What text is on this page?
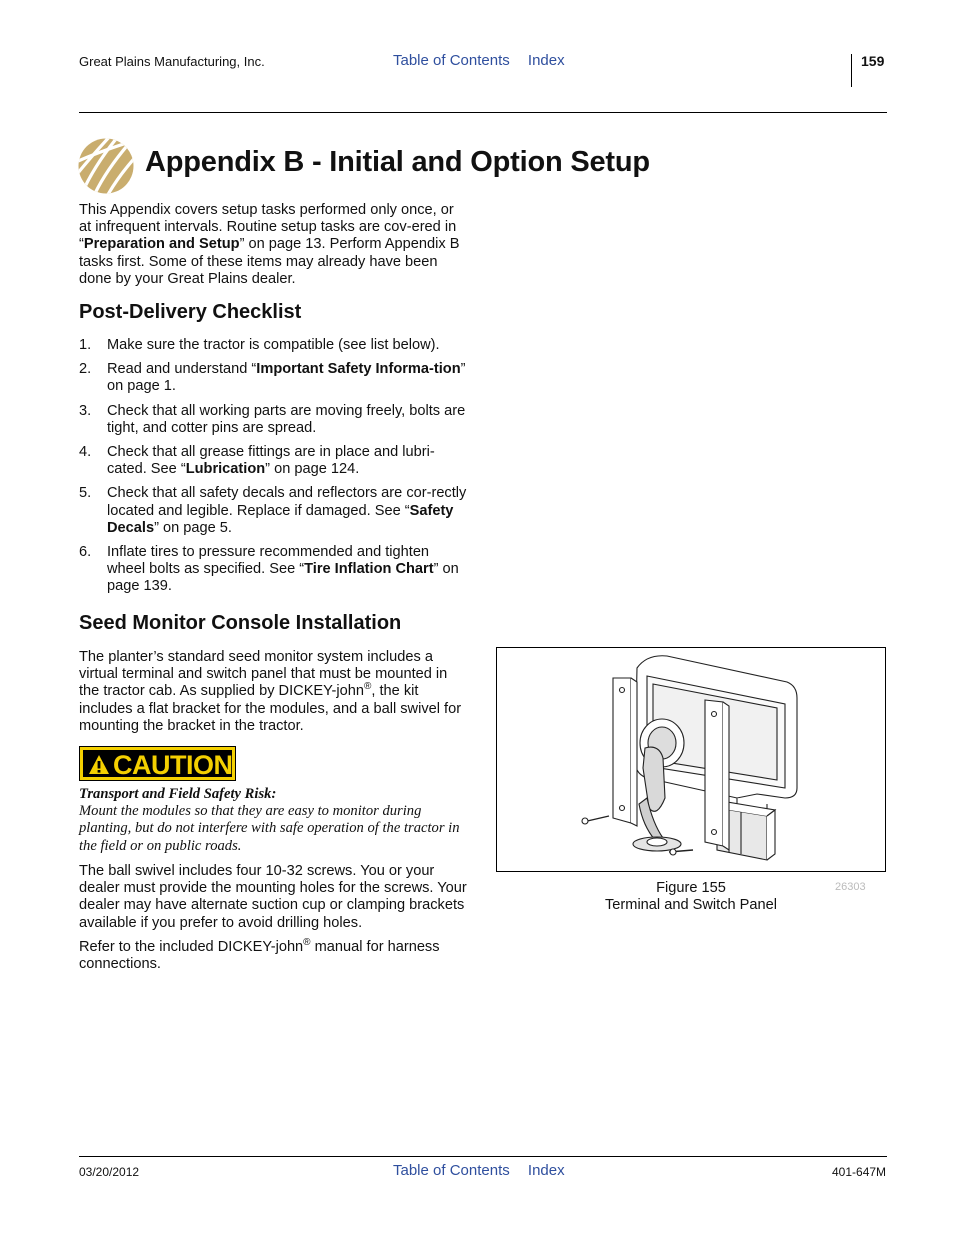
Great Plains Manufacturing, Inc.	Table of Contents Index	159
Appendix B - Initial and Option Setup
This Appendix covers setup tasks performed only once, or at infrequent intervals. Routine setup tasks are cov-ered in “Preparation and Setup” on page 13. Perform Appendix B tasks first. Some of these items may already have been done by your Great Plains dealer.
Post-Delivery Checklist
1. Make sure the tractor is compatible (see list below).
2. Read and understand “Important Safety Informa-tion” on page 1.
3. Check that all working parts are moving freely, bolts are tight, and cotter pins are spread.
4. Check that all grease fittings are in place and lubri-cated. See “Lubrication” on page 124.
5. Check that all safety decals and reflectors are cor-rectly located and legible. Replace if damaged. See “Safety Decals” on page 5.
6. Inflate tires to pressure recommended and tighten wheel bolts as specified. See “Tire Inflation Chart” on page 139.
Seed Monitor Console Installation
The planter’s standard seed monitor system includes a virtual terminal and switch panel that must be mounted in the tractor cab. As supplied by DICKEY-john®, the kit includes a flat bracket for the modules, and a ball swivel for mounting the bracket in the tractor.
CAUTION
Transport and Field Safety Risk:
Mount the modules so that they are easy to monitor during planting, but do not interfere with safe operation of the tractor in the field or on public roads.
The ball swivel includes four 10-32 screws. You or your dealer must provide the mounting holes for the screws. Your dealer may have alternate suction cup or clamping brackets available if you prefer to avoid drilling holes.
Refer to the included DICKEY-john® manual for harness connections.
Figure 155
Terminal and Switch Panel
26303
03/20/2012	Table of Contents Index	401-647M
